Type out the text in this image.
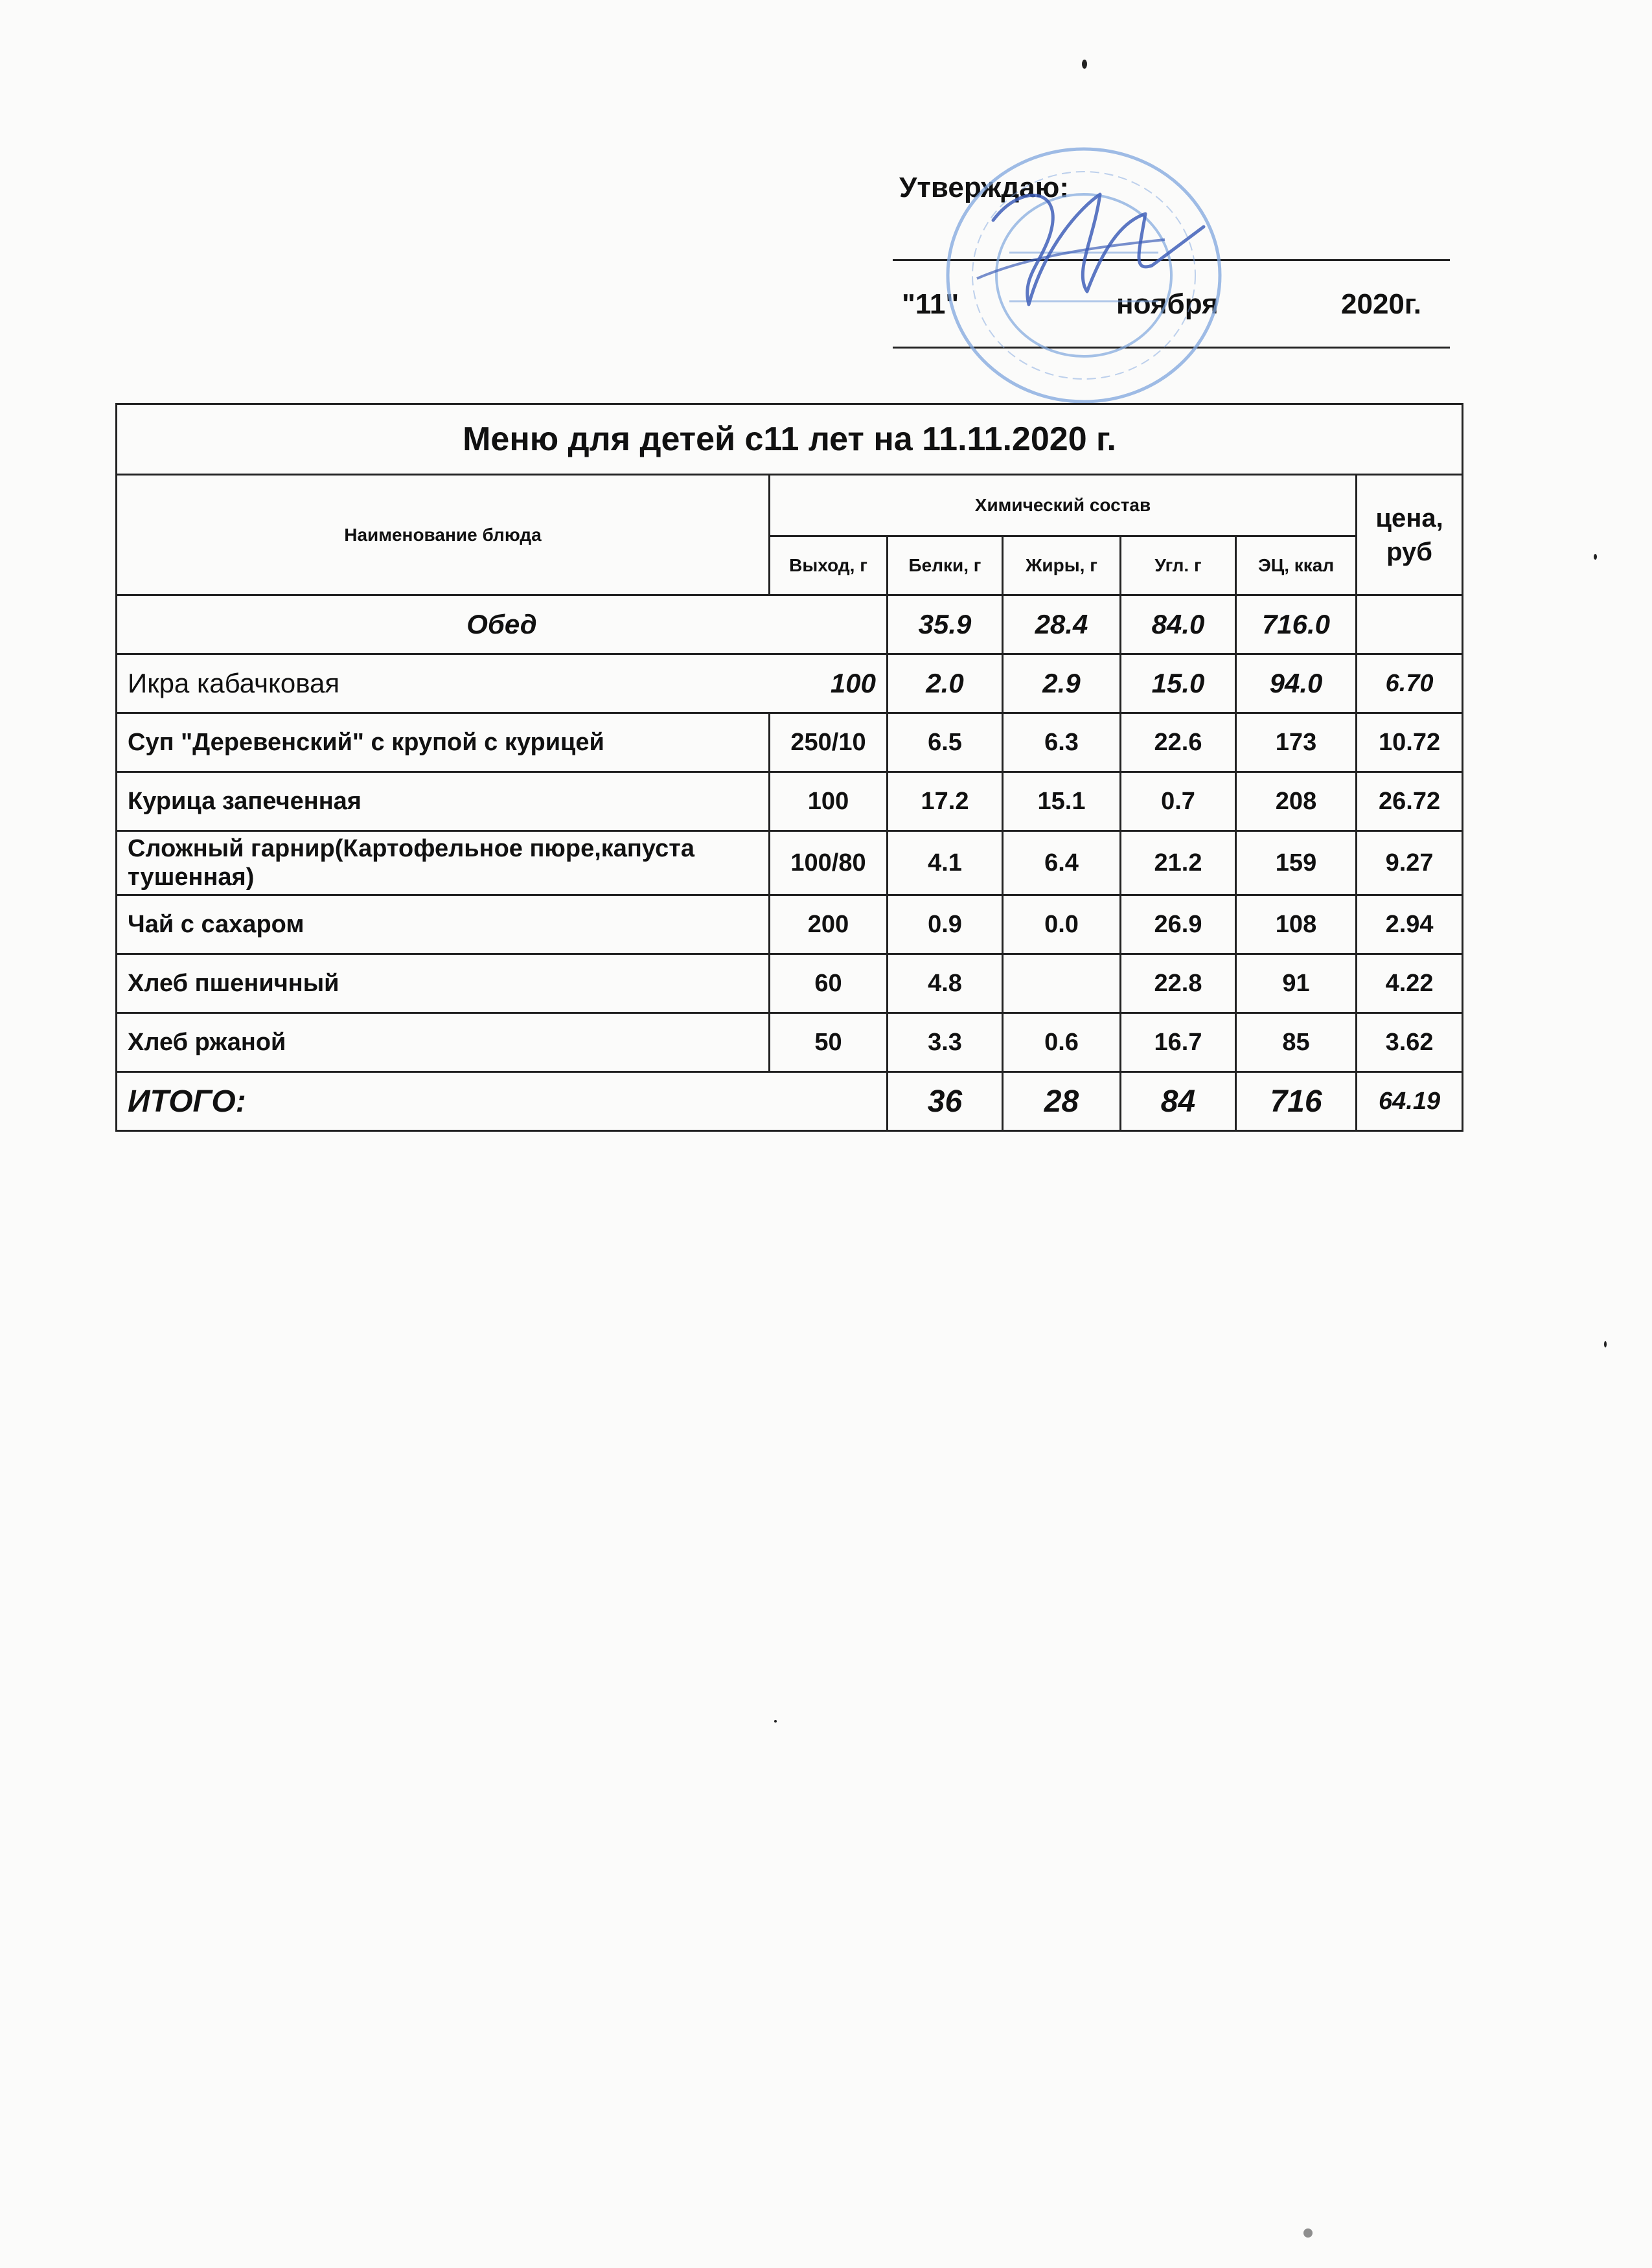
Утверждаю:
"11"	ноября	2020г.
Меню для детей с11 лет на 11.11.2020 г.						
Наименование блюда	Химический состав					цена, руб
	Выход, г	Белки, г	Жиры, г	Угл. г	ЭЦ, ккал	
Обед		35.9	28.4	84.0	716.0	
Икра кабачковая	100	2.0	2.9	15.0	94.0	6.70
Суп "Деревенский" с крупой с курицей	250/10	6.5	6.3	22.6	173	10.72
Курица запеченная	100	17.2	15.1	0.7	208	26.72
Сложный гарнир(Картофельное пюре,капуста тушенная)	100/80	4.1	6.4	21.2	159	9.27
Чай с сахаром	200	0.9	0.0	26.9	108	2.94
Хлеб пшеничный	60	4.8		22.8	91	4.22
Хлеб ржаной	50	3.3	0.6	16.7	85	3.62
ИТОГО:		36	28	84	716	64.19
